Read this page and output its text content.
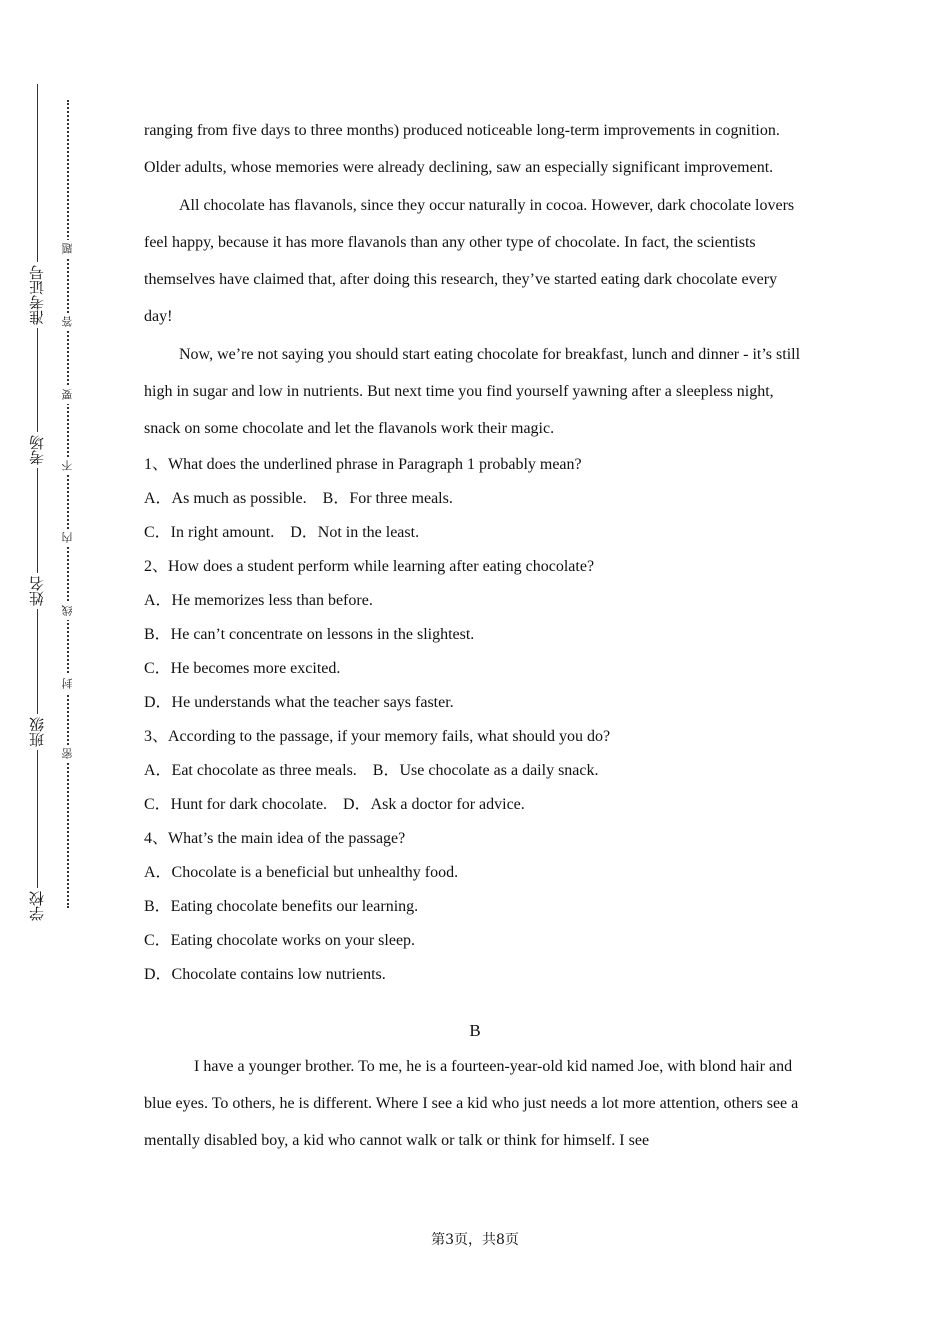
准考证号
考场
姓名
班级
学校
题
答
要
不
内
线
封
密

ranging from five days to three months) produced noticeable long-term improvements in cognition. Older adults, whose memories were already declining, saw an especially significant improvement.

All chocolate has flavanols, since they occur naturally in cocoa. However, dark chocolate lovers feel happy, because it has more flavanols than any other type of chocolate. In fact, the scientists themselves have claimed that, after doing this research, they’ve started eating dark chocolate every day!

Now, we’re not saying you should start eating chocolate for breakfast, lunch and dinner - it’s still high in sugar and low in nutrients. But next time you find yourself yawning after a sleepless night, snack on some chocolate and let the flavanols work their magic.

1、What does the underlined phrase in Paragraph 1 probably mean?

A．As much as possible.　B．For three meals.

C．In right amount.　D．Not in the least.

2、How does a student perform while learning after eating chocolate?

A．He memorizes less than before.

B．He can’t concentrate on lessons in the slightest.

C．He becomes more excited.

D．He understands what the teacher says faster.

3、According to the passage, if your memory fails, what should you do?

A．Eat chocolate as three meals.　B．Use chocolate as a daily snack.

C．Hunt for dark chocolate.　D．Ask a doctor for advice.

4、What’s the main idea of the passage?

A．Chocolate is a beneficial but unhealthy food.

B．Eating chocolate benefits our learning.

C．Eating chocolate works on your sleep.

D．Chocolate contains low nutrients.

B

I have a younger brother. To me, he is a fourteen-year-old kid named Joe, with blond hair and blue eyes. To others, he is different. Where I see a kid who just needs a lot more attention, others see a mentally disabled boy, a kid who cannot walk or talk or think for himself. I see

第3页，共8页
